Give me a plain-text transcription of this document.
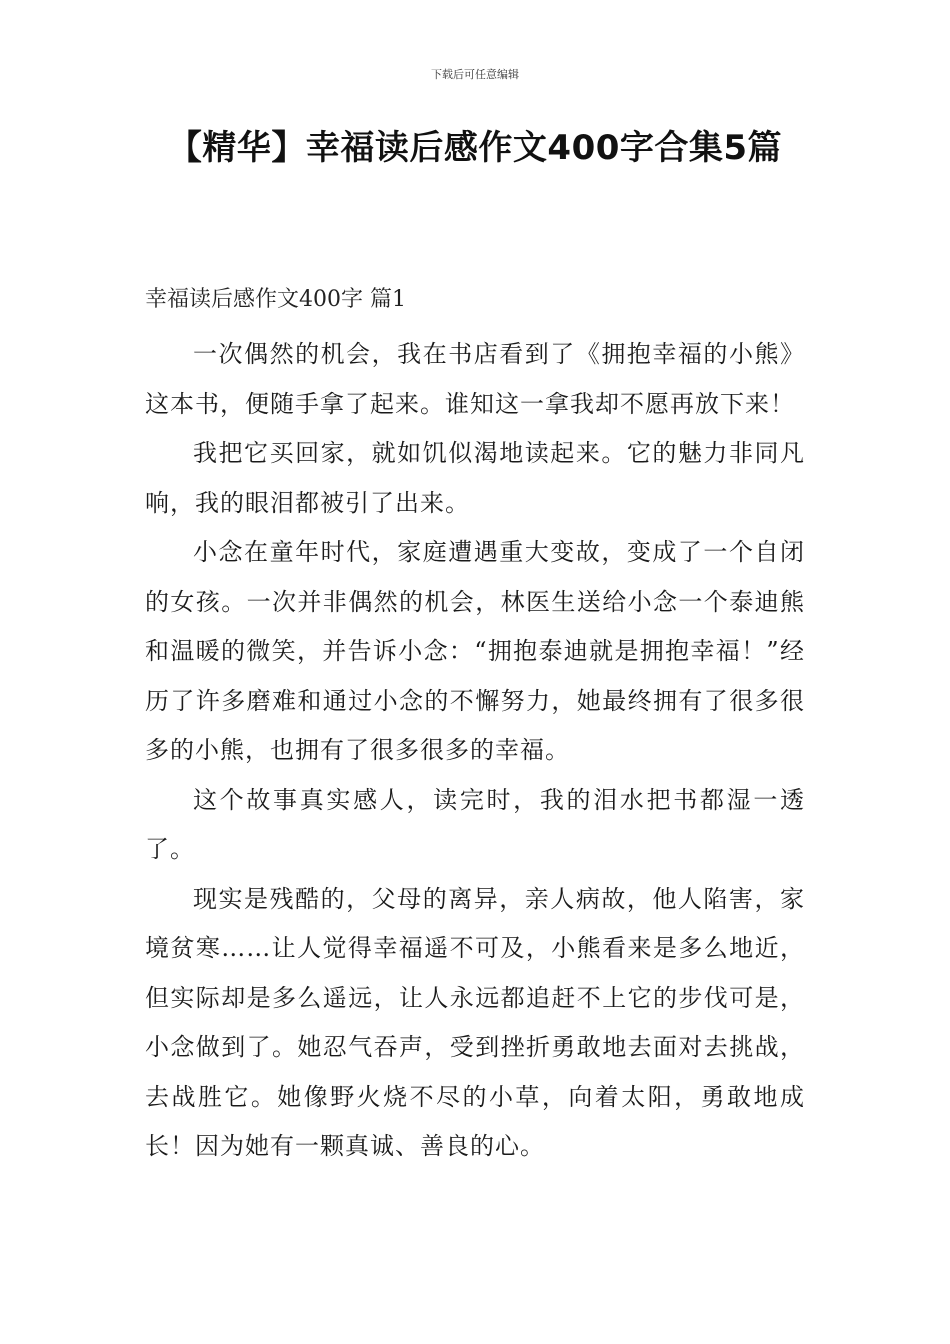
下载后可任意编辑
【精华】幸福读后感作文400字合集5篇
幸福读后感作文400字 篇1

一次偶然的机会，我在书店看到了《拥抱幸福的小熊》这本书，便随手拿了起来。谁知这一拿我却不愿再放下来！

我把它买回家，就如饥似渴地读起来。它的魅力非同凡响，我的眼泪都被引了出来。

小念在童年时代，家庭遭遇重大变故，变成了一个自闭的女孩。一次并非偶然的机会，林医生送给小念一个泰迪熊和温暖的微笑，并告诉小念：“拥抱泰迪就是拥抱幸福！”经历了许多磨难和通过小念的不懈努力，她最终拥有了很多很多的小熊，也拥有了很多很多的幸福。

这个故事真实感人，读完时，我的泪水把书都湿一透了。

现实是残酷的，父母的离异，亲人病故，他人陷害，家境贫寒……让人觉得幸福遥不可及，小熊看来是多么地近，但实际却是多么遥远，让人永远都追赶不上它的步伐可是，小念做到了。她忍气吞声，受到挫折勇敢地去面对去挑战，去战胜它。她像野火烧不尽的小草，向着太阳，勇敢地成长！因为她有一颗真诚、善良的心。
